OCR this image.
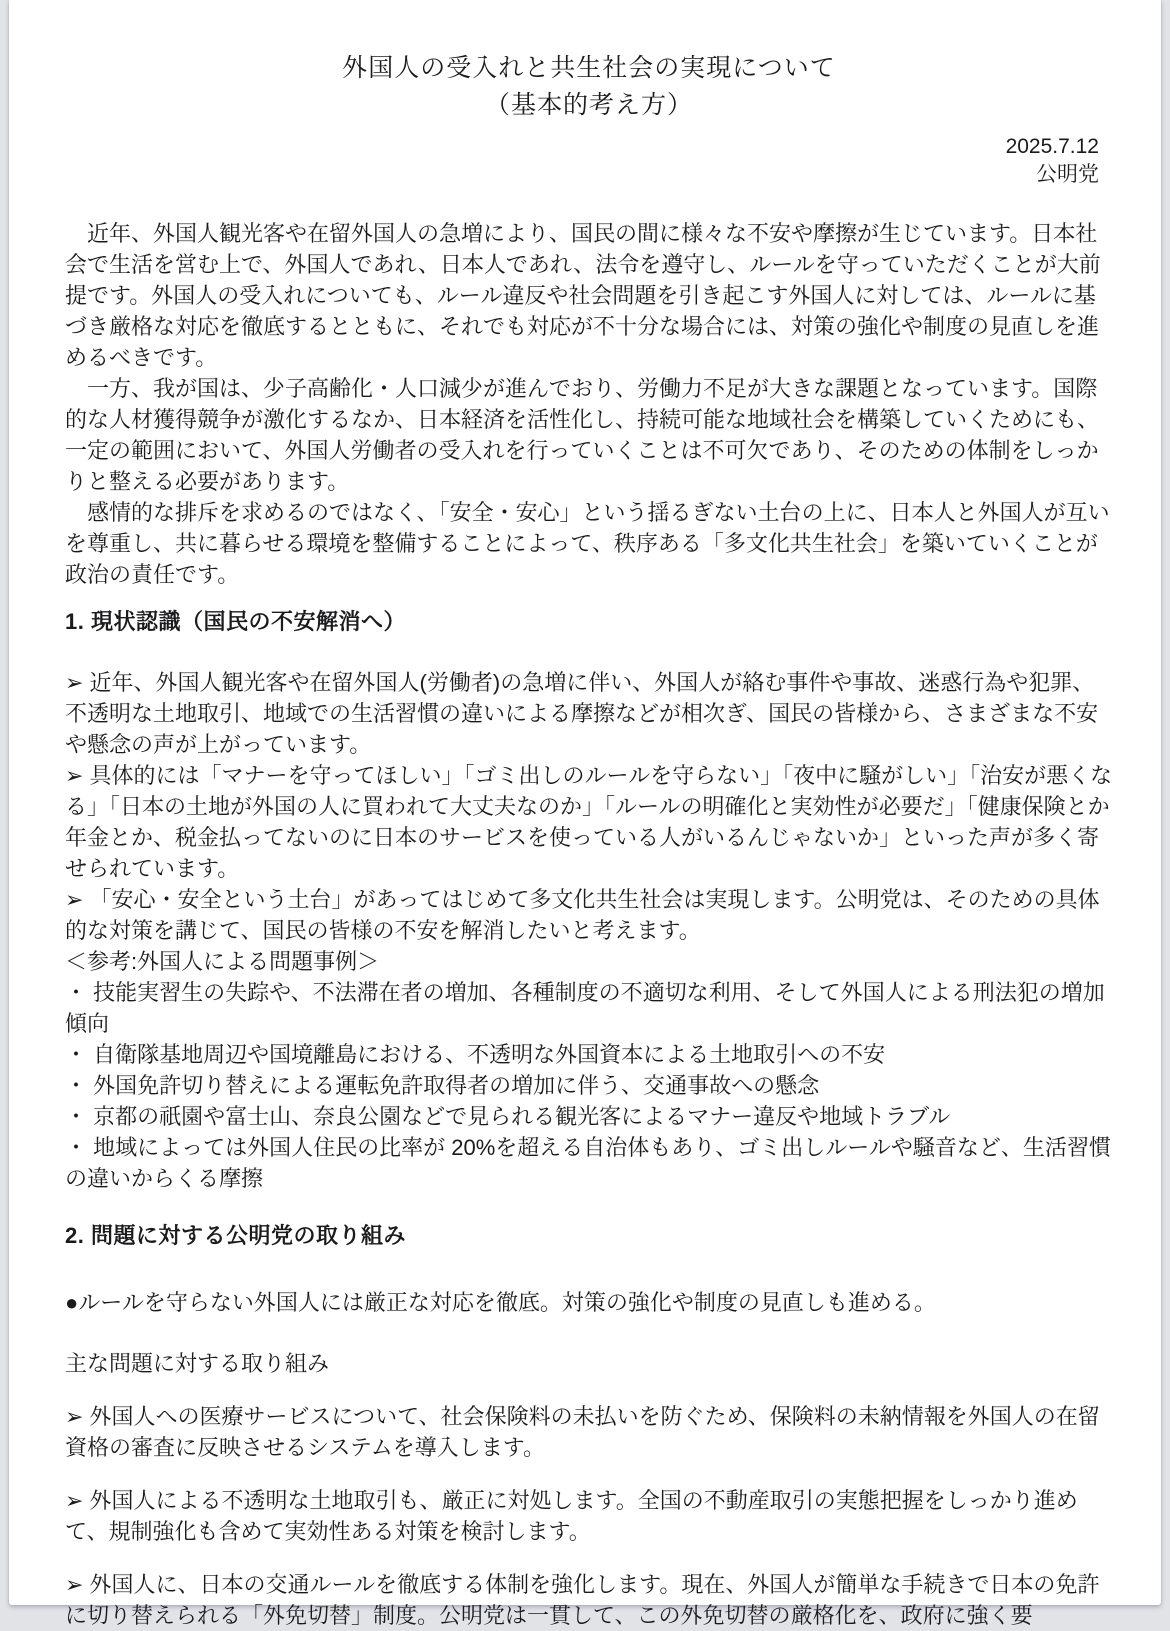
外国人の受入れと共生社会の実現について
（基本的考え方）
2025.7.12
公明党

近年、外国人観光客や在留外国人の急増により、国民の間に様々な不安や摩擦が生じています。日本社会で生活を営む上で、外国人であれ、日本人であれ、法令を遵守し、ルールを守っていただくことが大前提です。外国人の受入れについても、ルール違反や社会問題を引き起こす外国人に対しては、ルールに基づき厳格な対応を徹底するとともに、それでも対応が不十分な場合には、対策の強化や制度の見直しを進めるべきです。

一方、我が国は、少子高齢化・人口減少が進んでおり、労働力不足が大きな課題となっています。国際的な人材獲得競争が激化するなか、日本経済を活性化し、持続可能な地域社会を構築していくためにも、一定の範囲において、外国人労働者の受入れを行っていくことは不可欠であり、そのための体制をしっかりと整える必要があります。

感情的な排斥を求めるのではなく、「安全・安心」という揺るぎない土台の上に、日本人と外国人が互いを尊重し、共に暮らせる環境を整備することによって、秩序ある「多文化共生社会」を築いていくことが政治の責任です。

1. 現状認識（国民の不安解消へ）

➢ 近年、外国人観光客や在留外国人(労働者)の急増に伴い、外国人が絡む事件や事故、迷惑行為や犯罪、不透明な土地取引、地域での生活習慣の違いによる摩擦などが相次ぎ、国民の皆様から、さまざまな不安や懸念の声が上がっています。

➢ 具体的には「マナーを守ってほしい」「ゴミ出しのルールを守らない」「夜中に騒がしい」「治安が悪くなる」「日本の土地が外国の人に買われて大丈夫なのか」「ルールの明確化と実効性が必要だ」「健康保険とか年金とか、税金払ってないのに日本のサービスを使っている人がいるんじゃないか」といった声が多く寄せられています。

➢ 「安心・安全という土台」があってはじめて多文化共生社会は実現します。公明党は、そのための具体的な対策を講じて、国民の皆様の不安を解消したいと考えます。

＜参考:外国人による問題事例＞

・ 技能実習生の失踪や、不法滞在者の増加、各種制度の不適切な利用、そして外国人による刑法犯の増加傾向

・ 自衛隊基地周辺や国境離島における、不透明な外国資本による土地取引への不安

・ 外国免許切り替えによる運転免許取得者の増加に伴う、交通事故への懸念

・ 京都の祇園や富士山、奈良公園などで見られる観光客によるマナー違反や地域トラブル

・ 地域によっては外国人住民の比率が 20%を超える自治体もあり、ゴミ出しルールや騒音など、生活習慣の違いからくる摩擦

2. 問題に対する公明党の取り組み

●ルールを守らない外国人には厳正な対応を徹底。対策の強化や制度の見直しも進める。

主な問題に対する取り組み

➢ 外国人への医療サービスについて、社会保険料の未払いを防ぐため、保険料の未納情報を外国人の在留資格の審査に反映させるシステムを導入します。

➢ 外国人による不透明な土地取引も、厳正に対処します。全国の不動産取引の実態把握をしっかり進めて、規制強化も含めて実効性ある対策を検討します。

➢ 外国人に、日本の交通ルールを徹底する体制を強化します。現在、外国人が簡単な手続きで日本の免許に切り替えられる「外免切替」制度。公明党は一貫して、この外免切替の厳格化を、政府に強く要
